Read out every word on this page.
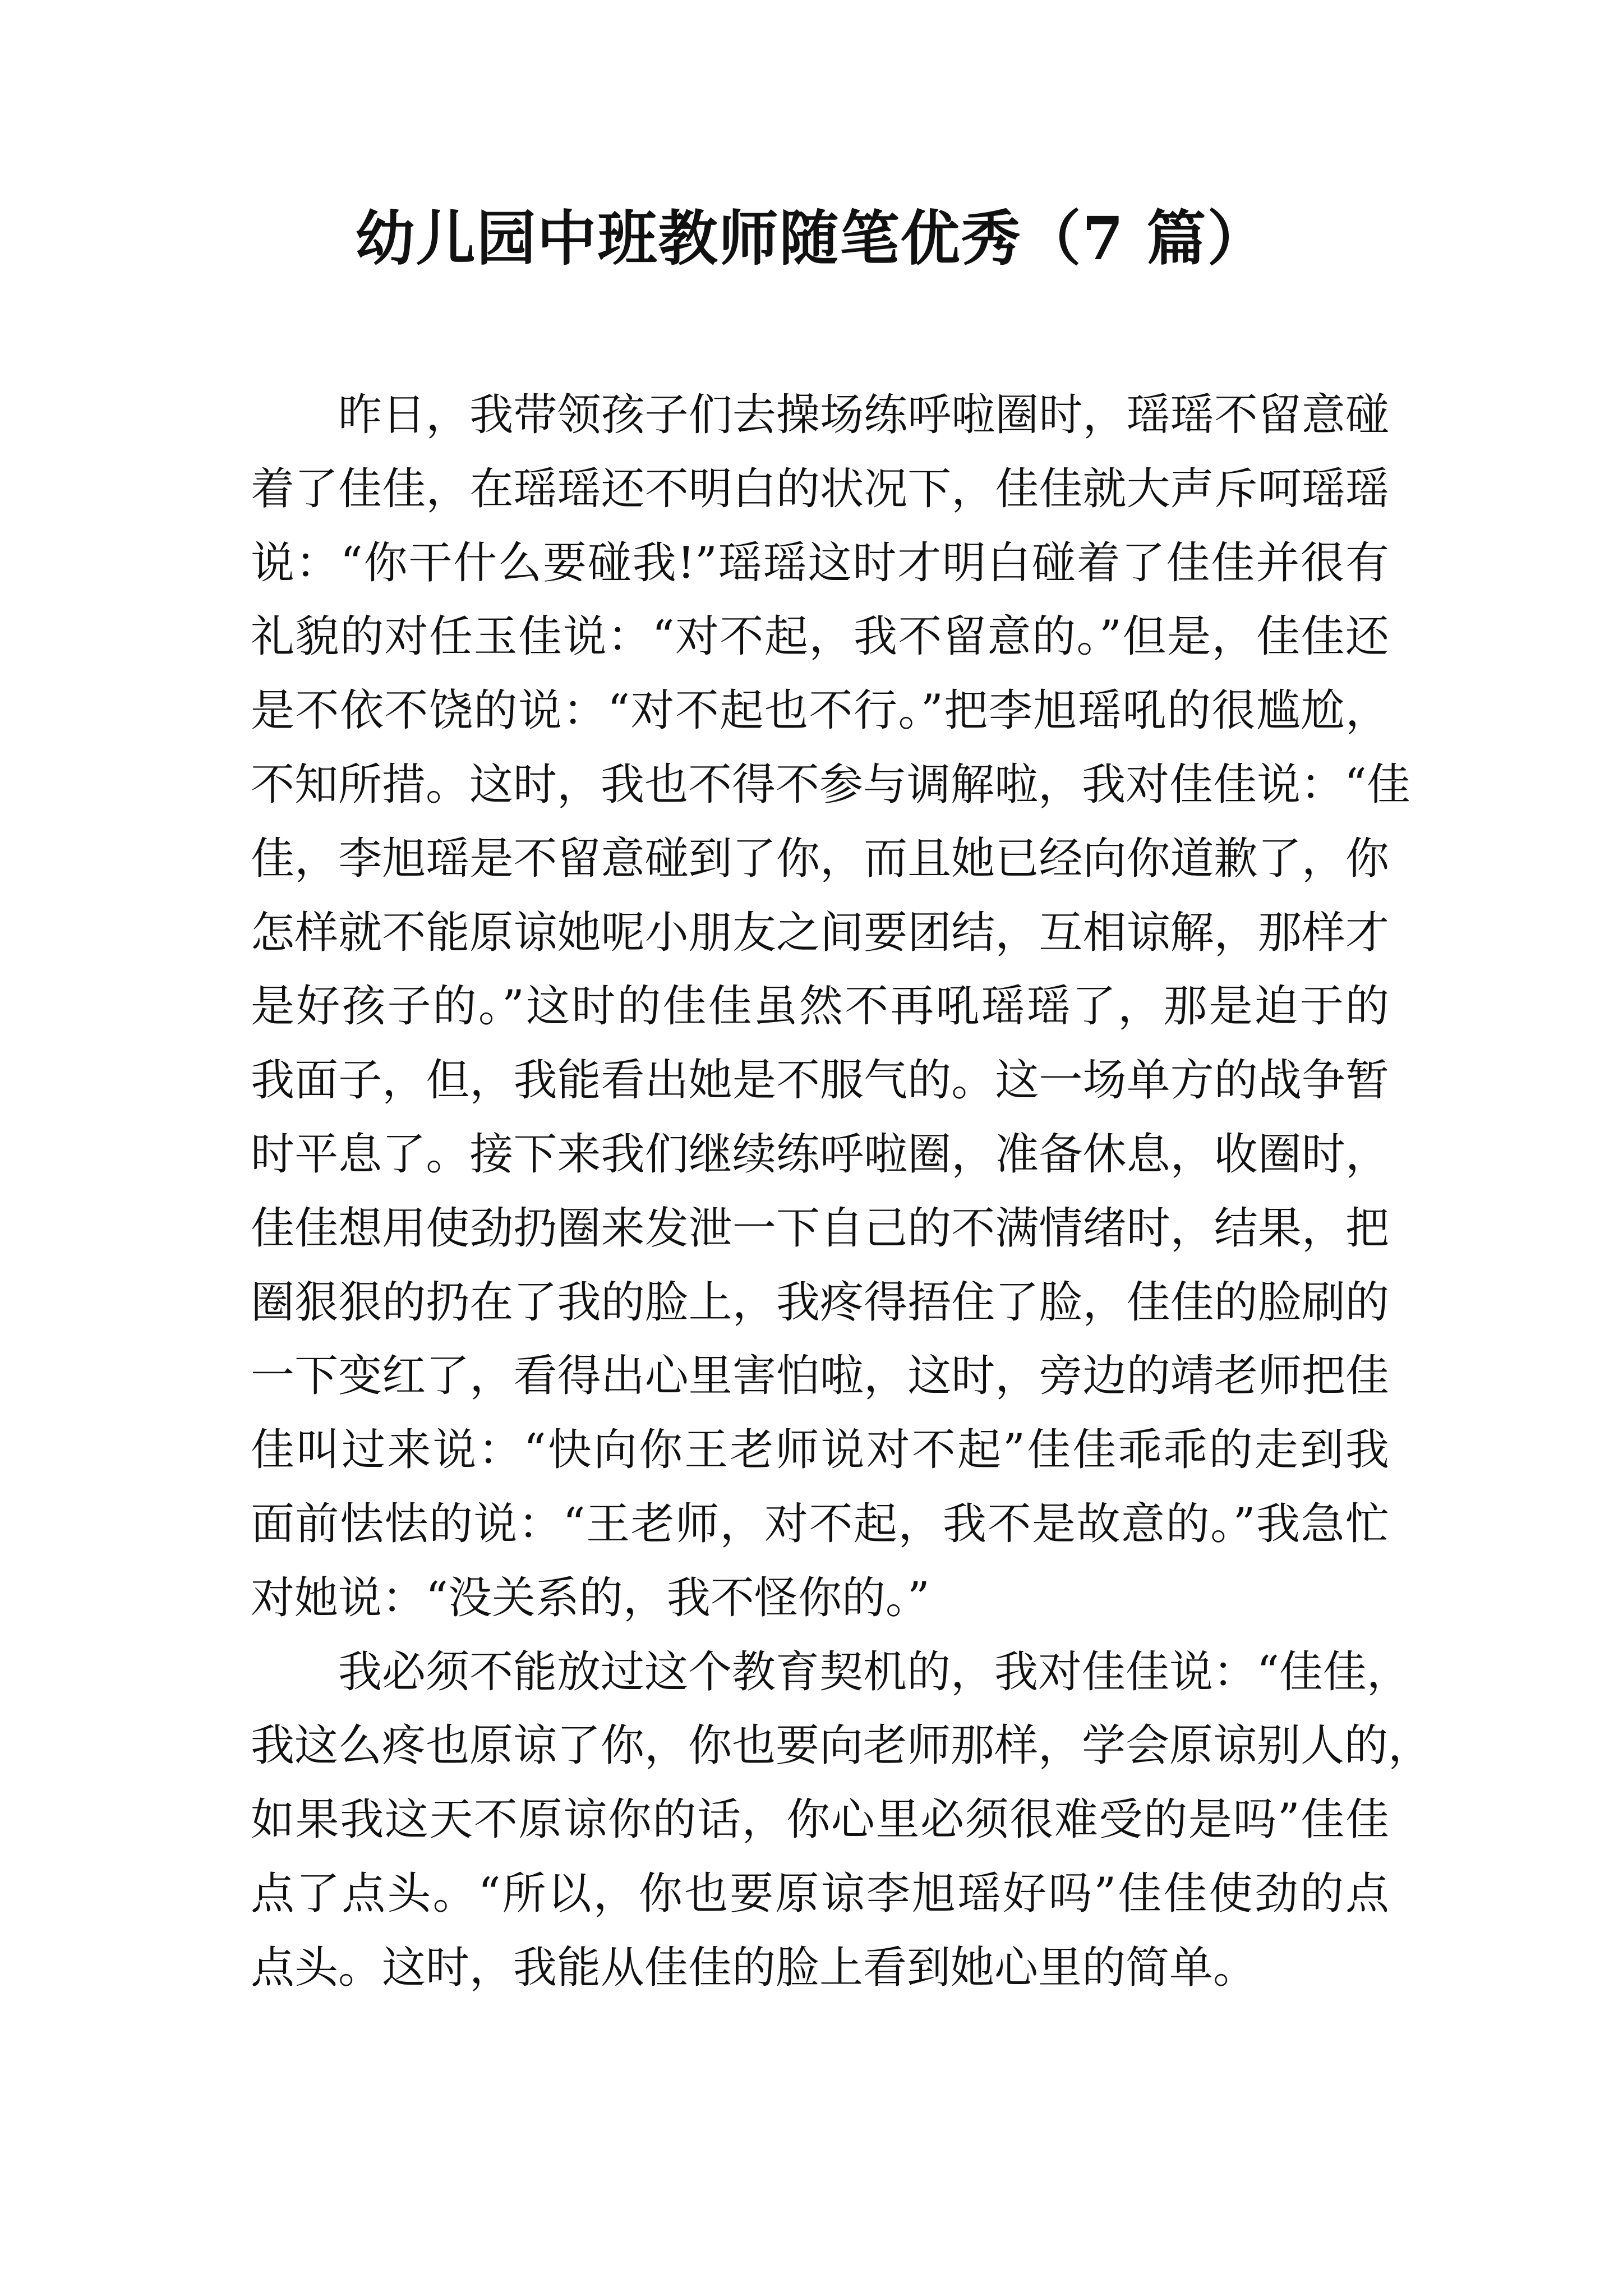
幼儿园中班教师随笔优秀（7 篇）

昨日，我带领孩子们去操场练呼啦圈时，瑶瑶不留意碰
着了佳佳，在瑶瑶还不明白的状况下，佳佳就大声斥呵瑶瑶
说：“你干什么要碰我!”瑶瑶这时才明白碰着了佳佳并很有
礼貌的对任玉佳说：“对不起，我不留意的。”但是，佳佳还
是不依不饶的说：“对不起也不行。”把李旭瑶吼的很尴尬，
不知所措。这时，我也不得不参与调解啦，我对佳佳说：“佳
佳，李旭瑶是不留意碰到了你，而且她已经向你道歉了，你
怎样就不能原谅她呢小朋友之间要团结，互相谅解，那样才
是好孩子的。”这时的佳佳虽然不再吼瑶瑶了，那是迫于的
我面子，但，我能看出她是不服气的。这一场单方的战争暂
时平息了。接下来我们继续练呼啦圈，准备休息，收圈时，
佳佳想用使劲扔圈来发泄一下自己的不满情绪时，结果，把
圈狠狠的扔在了我的脸上，我疼得捂住了脸，佳佳的脸刷的
一下变红了，看得出心里害怕啦，这时，旁边的靖老师把佳
佳叫过来说：“快向你王老师说对不起”佳佳乖乖的走到我
面前怯怯的说：“王老师，对不起，我不是故意的。”我急忙
对她说：“没关系的，我不怪你的。”

我必须不能放过这个教育契机的，我对佳佳说：“佳佳，
我这么疼也原谅了你，你也要向老师那样，学会原谅别人的，
如果我这天不原谅你的话，你心里必须很难受的是吗”佳佳
点了点头。“所以，你也要原谅李旭瑶好吗”佳佳使劲的点
点头。这时，我能从佳佳的脸上看到她心里的简单。
